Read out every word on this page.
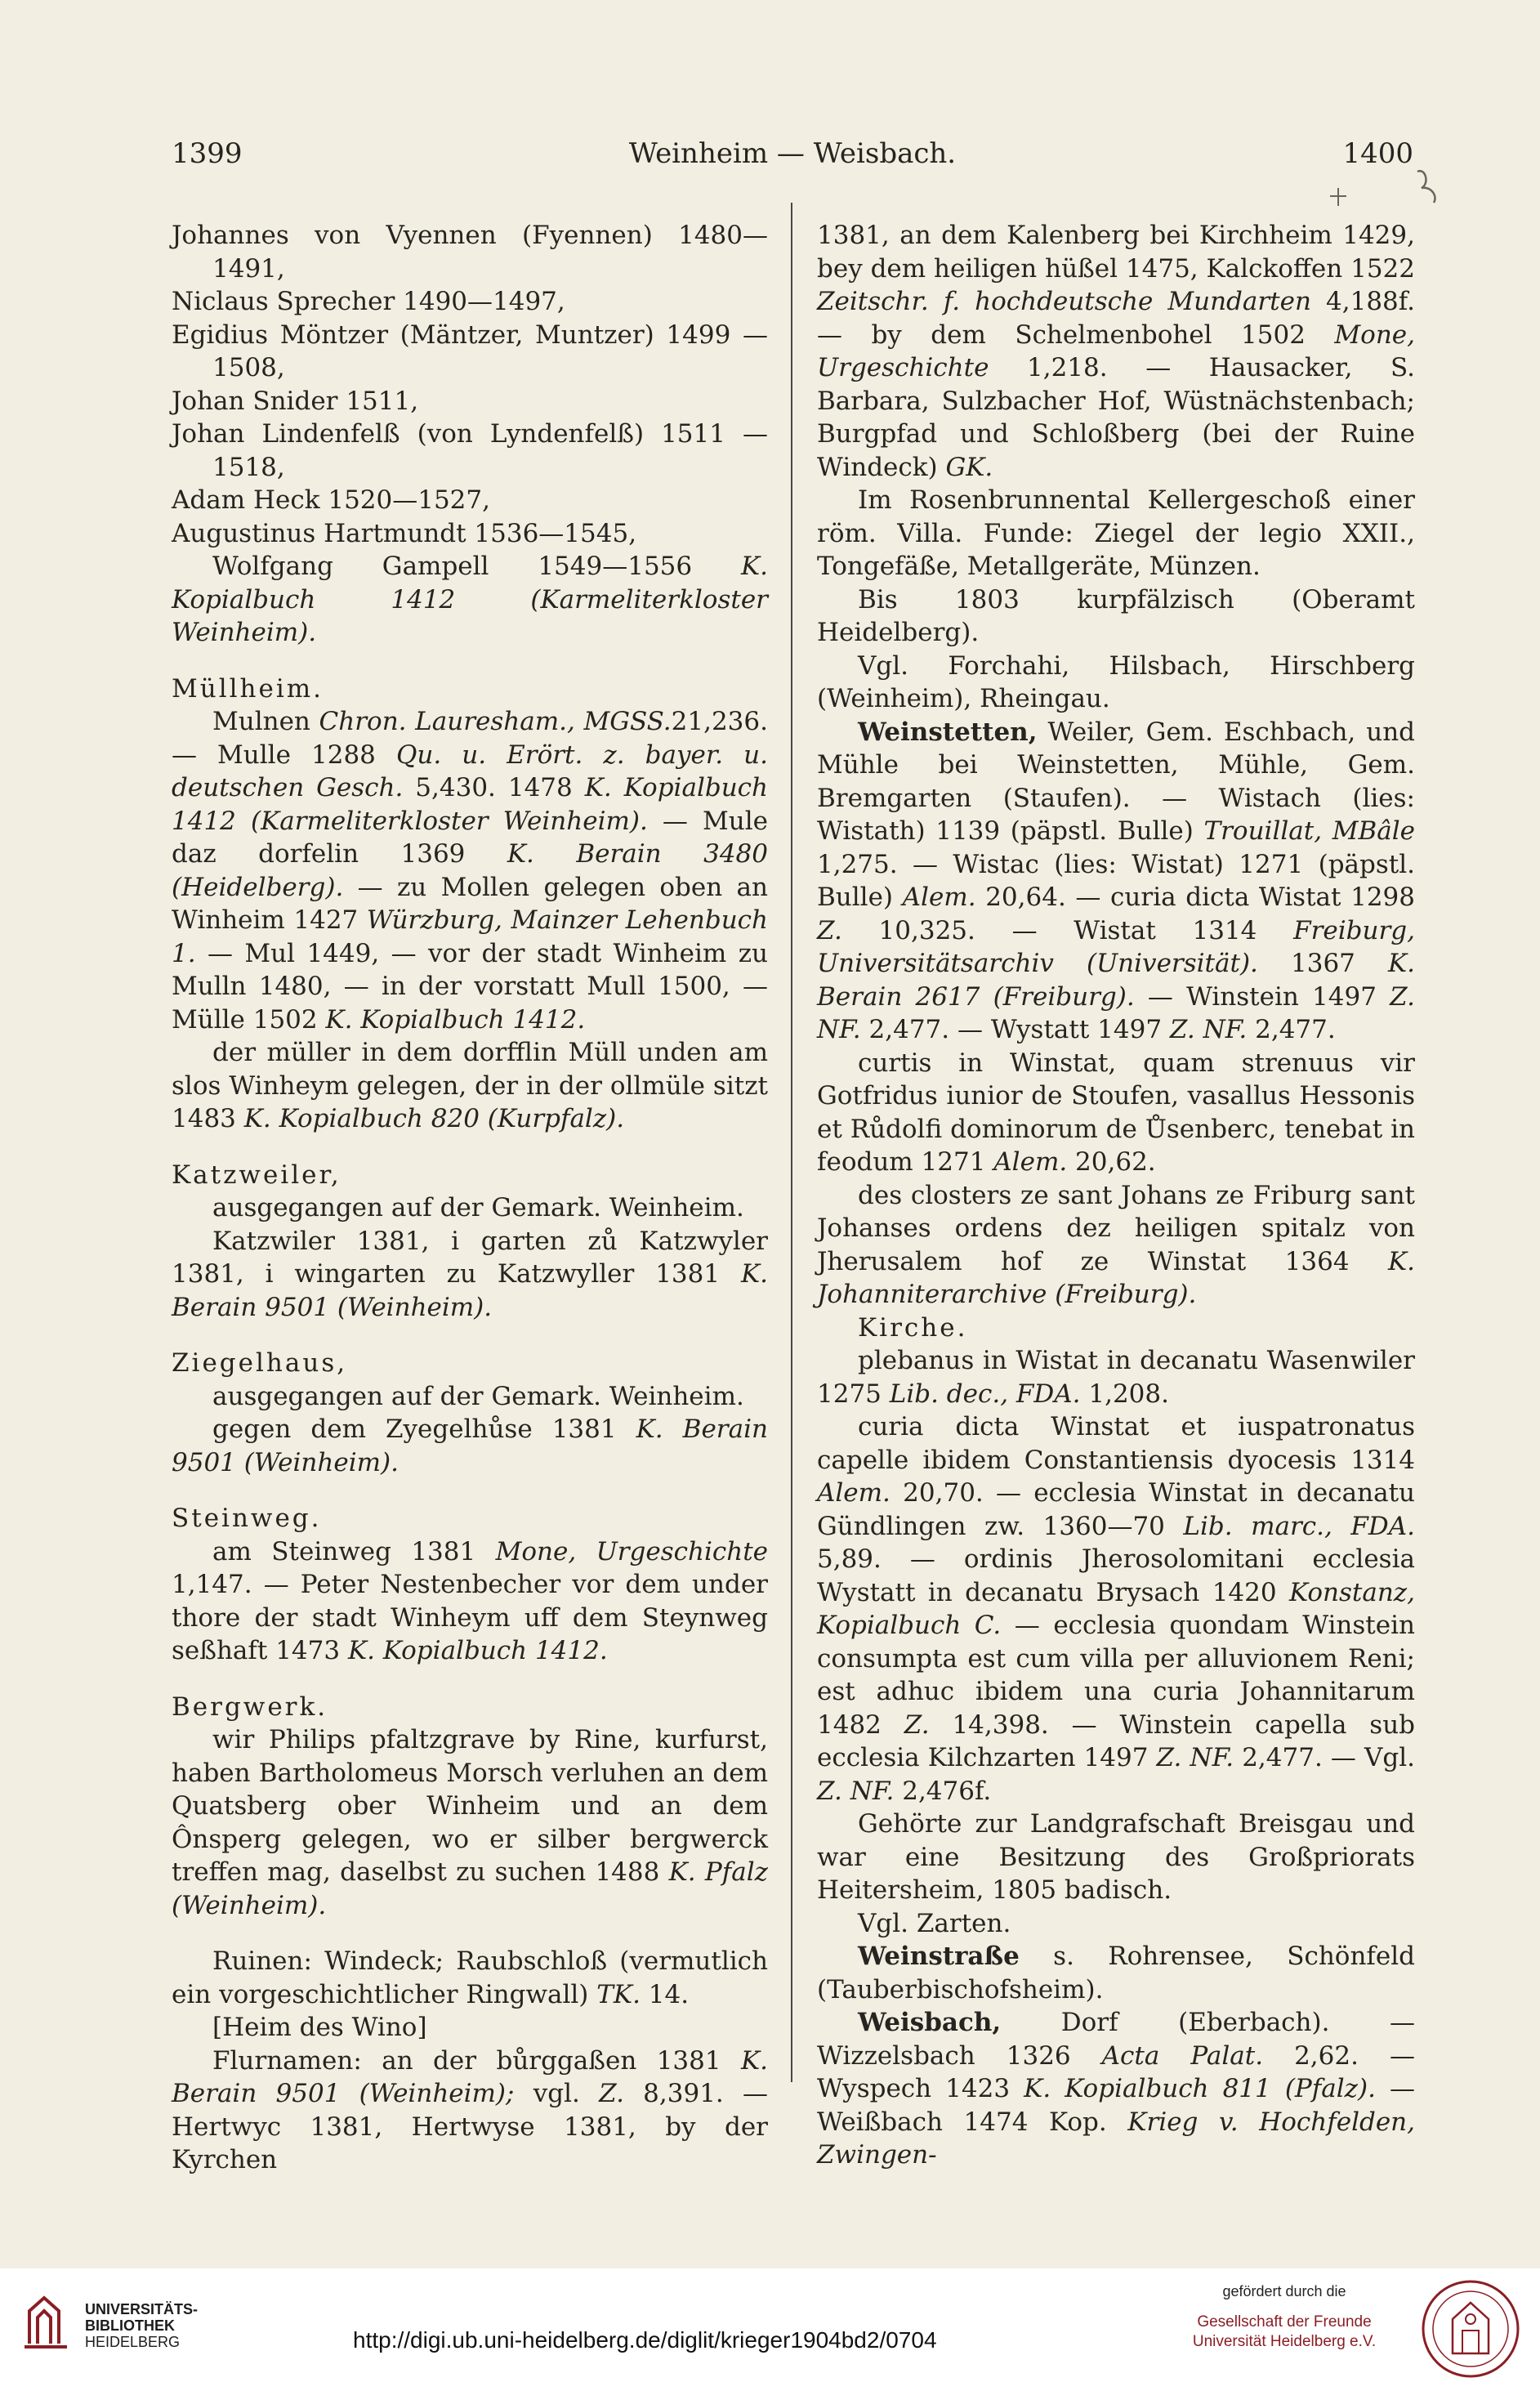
1399	Weinheim — Weisbach.	1400

Johannes von Vyennen (Fyennen) 1480—1491,

Niclaus Sprecher 1490—1497,

Egidius Möntzer (Mäntzer, Muntzer) 1499 —1508,

Johan Snider 1511,

Johan Lindenfelß (von Lyndenfelß) 1511 —1518,

Adam Heck 1520—1527,

Augustinus Hartmundt 1536—1545,

Wolfgang Gampell 1549—1556 K. Kopialbuch 1412 (Karmeliterkloster Weinheim).

Müllheim.

Mulnen Chron. Lauresham., MGSS.21,236. — Mulle 1288 Qu. u. Erört. z. bayer. u. deutschen Gesch. 5,430. 1478 K. Kopialbuch 1412 (Karmeliterkloster Weinheim). — Mule daz dorfelin 1369 K. Berain 3480 (Heidelberg). — zu Mollen gelegen oben an Winheim 1427 Würzburg, Mainzer Lehenbuch 1. — Mul 1449, — vor der stadt Winheim zu Mulln 1480, — in der vorstatt Mull 1500, — Mülle 1502 K. Kopialbuch 1412.

der müller in dem dorfflin Müll unden am slos Winheym gelegen, der in der ollmüle sitzt 1483 K. Kopialbuch 820 (Kurpfalz).

Katzweiler,

ausgegangen auf der Gemark. Weinheim.

Katzwiler 1381, i garten zů Katzwyler 1381, i wingarten zu Katzwyller 1381 K. Berain 9501 (Weinheim).

Ziegelhaus,

ausgegangen auf der Gemark. Weinheim.

gegen dem Zyegelhůse 1381 K. Berain 9501 (Weinheim).

Steinweg.

am Steinweg 1381 Mone, Urgeschichte 1,147. — Peter Nestenbecher vor dem under thore der stadt Winheym uff dem Steynweg seßhaft 1473 K. Kopialbuch 1412.

Bergwerk.

wir Philips pfaltzgrave by Rine, kurfurst, haben Bartholomeus Morsch verluhen an dem Quatsberg ober Winheim und an dem Ônsperg gelegen, wo er silber bergwerck treffen mag, daselbst zu suchen 1488 K. Pfalz (Weinheim).

Ruinen: Windeck; Raubschloß (vermutlich ein vorgeschichtlicher Ringwall) TK. 14.

[Heim des Wino]

Flurnamen: an der bůrggaßen 1381 K. Berain 9501 (Weinheim); vgl. Z. 8,391. — Hertwyc 1381, Hertwyse 1381, by der Kyrchen

1381, an dem Kalenberg bei Kirchheim 1429, bey dem heiligen hüßel 1475, Kalckoffen 1522 Zeitschr. f. hochdeutsche Mundarten 4,188f. — by dem Schelmenbohel 1502 Mone, Urgeschichte 1,218. — Hausacker, S. Barbara, Sulzbacher Hof, Wüstnächstenbach; Burgpfad und Schloßberg (bei der Ruine Windeck) GK.

Im Rosenbrunnental Kellergeschoß einer röm. Villa. Funde: Ziegel der legio XXII., Tongefäße, Metallgeräte, Münzen.

Bis 1803 kurpfälzisch (Oberamt Heidelberg).

Vgl. Forchahi, Hilsbach, Hirschberg (Weinheim), Rheingau.

Weinstetten, Weiler, Gem. Eschbach, und Mühle bei Weinstetten, Mühle, Gem. Bremgarten (Staufen). — Wistach (lies: Wistath) 1139 (päpstl. Bulle) Trouillat, MBâle 1,275. — Wistac (lies: Wistat) 1271 (päpstl. Bulle) Alem. 20,64. — curia dicta Wistat 1298 Z. 10,325. — Wistat 1314 Freiburg, Universitätsarchiv (Universität). 1367 K. Berain 2617 (Freiburg). — Winstein 1497 Z. NF. 2,477. — Wystatt 1497 Z. NF. 2,477.

curtis in Winstat, quam strenuus vir Gotfridus iunior de Stoufen, vasallus Hessonis et Růdolfi dominorum de Ůsenberc, tenebat in feodum 1271 Alem. 20,62.

des closters ze sant Johans ze Friburg sant Johanses ordens dez heiligen spitalz von Jherusalem hof ze Winstat 1364 K. Johanniterarchive (Freiburg).

Kirche.

plebanus in Wistat in decanatu Wasenwiler 1275 Lib. dec., FDA. 1,208.

curia dicta Winstat et iuspatronatus capelle ibidem Constantiensis dyocesis 1314 Alem. 20,70. — ecclesia Winstat in decanatu Gündlingen zw. 1360—70 Lib. marc., FDA. 5,89. — ordinis Jherosolomitani ecclesia Wystatt in decanatu Brysach 1420 Konstanz, Kopialbuch C. — ecclesia quondam Winstein consumpta est cum villa per alluvionem Reni; est adhuc ibidem una curia Johannitarum 1482 Z. 14,398. — Winstein capella sub ecclesia Kilchzarten 1497 Z. NF. 2,477. — Vgl. Z. NF. 2,476f.

Gehörte zur Landgrafschaft Breisgau und war eine Besitzung des Großpriorats Heitersheim, 1805 badisch.

Vgl. Zarten.

Weinstraße s. Rohrensee, Schönfeld (Tauberbischofsheim).

Weisbach, Dorf (Eberbach). — Wizzelsbach 1326 Acta Palat. 2,62. — Wyspech 1423 K. Kopialbuch 811 (Pfalz). — Weißbach 1474 Kop. Krieg v. Hochfelden, Zwingen-

UNIVERSITÄTS-
BIBLIOTHEK
HEIDELBERG	http://digi.ub.uni-heidelberg.de/diglit/krieger1904bd2/0704
gefördert durch die
Gesellschaft der Freunde
Universität Heidelberg e.V.
